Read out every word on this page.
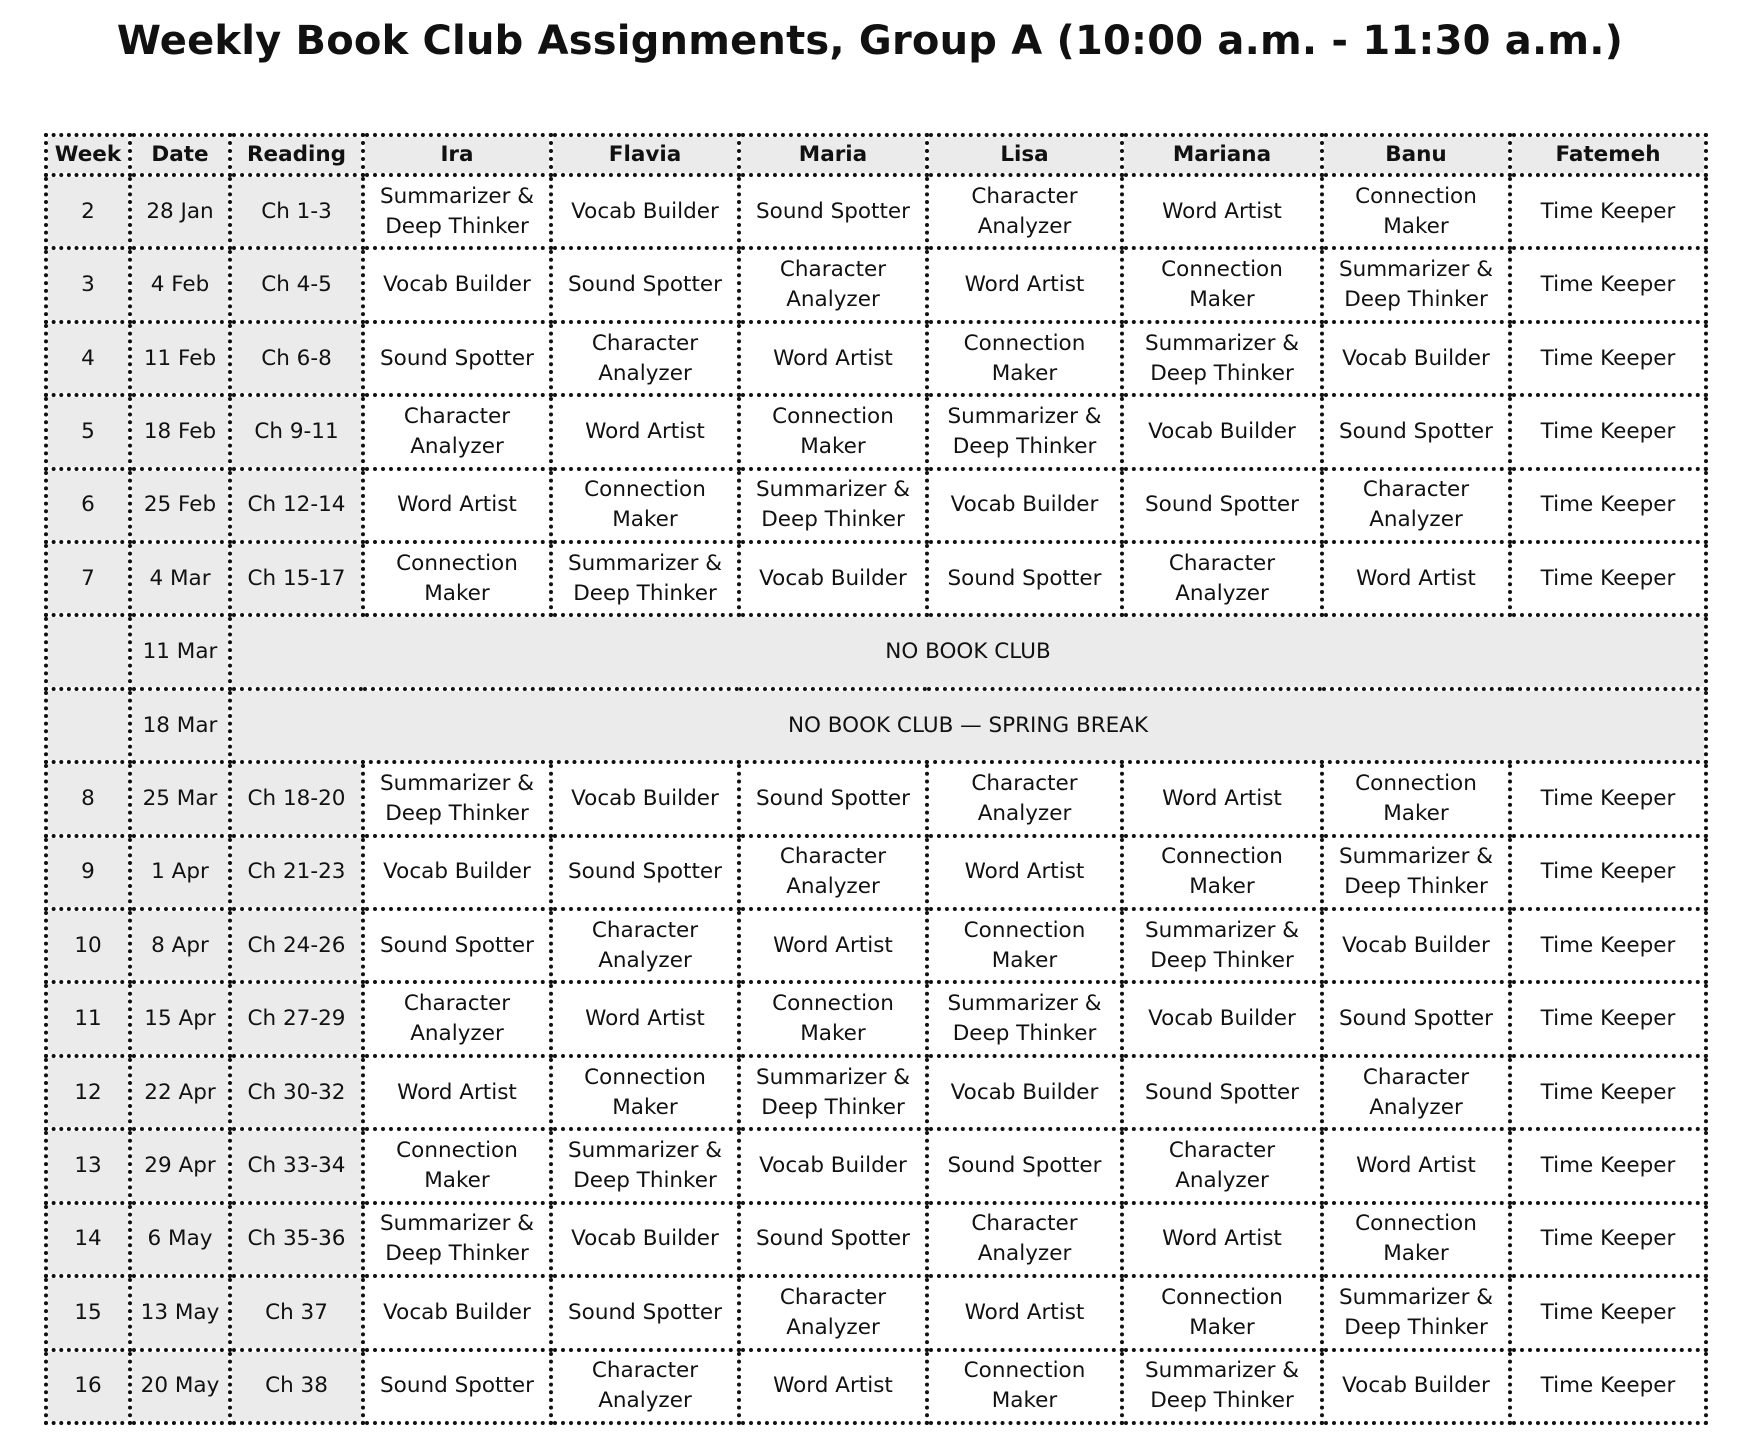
Weekly Book Club Assignments, Group A (10:00 a.m. - 11:30 a.m.)
Week	Date	Reading	Ira	Flavia	Maria	Lisa	Mariana	Banu	Fatemeh
2	28 Jan	Ch 1-3	Summarizer &
Deep Thinker	Vocab Builder	Sound Spotter	Character
Analyzer	Word Artist	Connection
Maker	Time Keeper
3	4 Feb	Ch 4-5	Vocab Builder	Sound Spotter	Character
Analyzer	Word Artist	Connection
Maker	Summarizer &
Deep Thinker	Time Keeper
4	11 Feb	Ch 6-8	Sound Spotter	Character
Analyzer	Word Artist	Connection
Maker	Summarizer &
Deep Thinker	Vocab Builder	Time Keeper
5	18 Feb	Ch 9-11	Character
Analyzer	Word Artist	Connection
Maker	Summarizer &
Deep Thinker	Vocab Builder	Sound Spotter	Time Keeper
6	25 Feb	Ch 12-14	Word Artist	Connection
Maker	Summarizer &
Deep Thinker	Vocab Builder	Sound Spotter	Character
Analyzer	Time Keeper
7	4 Mar	Ch 15-17	Connection
Maker	Summarizer &
Deep Thinker	Vocab Builder	Sound Spotter	Character
Analyzer	Word Artist	Time Keeper
	11 Mar	NO BOOK CLUB							
	18 Mar	NO BOOK CLUB — SPRING BREAK							
8	25 Mar	Ch 18-20	Summarizer &
Deep Thinker	Vocab Builder	Sound Spotter	Character
Analyzer	Word Artist	Connection
Maker	Time Keeper
9	1 Apr	Ch 21-23	Vocab Builder	Sound Spotter	Character
Analyzer	Word Artist	Connection
Maker	Summarizer &
Deep Thinker	Time Keeper
10	8 Apr	Ch 24-26	Sound Spotter	Character
Analyzer	Word Artist	Connection
Maker	Summarizer &
Deep Thinker	Vocab Builder	Time Keeper
11	15 Apr	Ch 27-29	Character
Analyzer	Word Artist	Connection
Maker	Summarizer &
Deep Thinker	Vocab Builder	Sound Spotter	Time Keeper
12	22 Apr	Ch 30-32	Word Artist	Connection
Maker	Summarizer &
Deep Thinker	Vocab Builder	Sound Spotter	Character
Analyzer	Time Keeper
13	29 Apr	Ch 33-34	Connection
Maker	Summarizer &
Deep Thinker	Vocab Builder	Sound Spotter	Character
Analyzer	Word Artist	Time Keeper
14	6 May	Ch 35-36	Summarizer &
Deep Thinker	Vocab Builder	Sound Spotter	Character
Analyzer	Word Artist	Connection
Maker	Time Keeper
15	13 May	Ch 37	Vocab Builder	Sound Spotter	Character
Analyzer	Word Artist	Connection
Maker	Summarizer &
Deep Thinker	Time Keeper
16	20 May	Ch 38	Sound Spotter	Character
Analyzer	Word Artist	Connection
Maker	Summarizer &
Deep Thinker	Vocab Builder	Time Keeper
